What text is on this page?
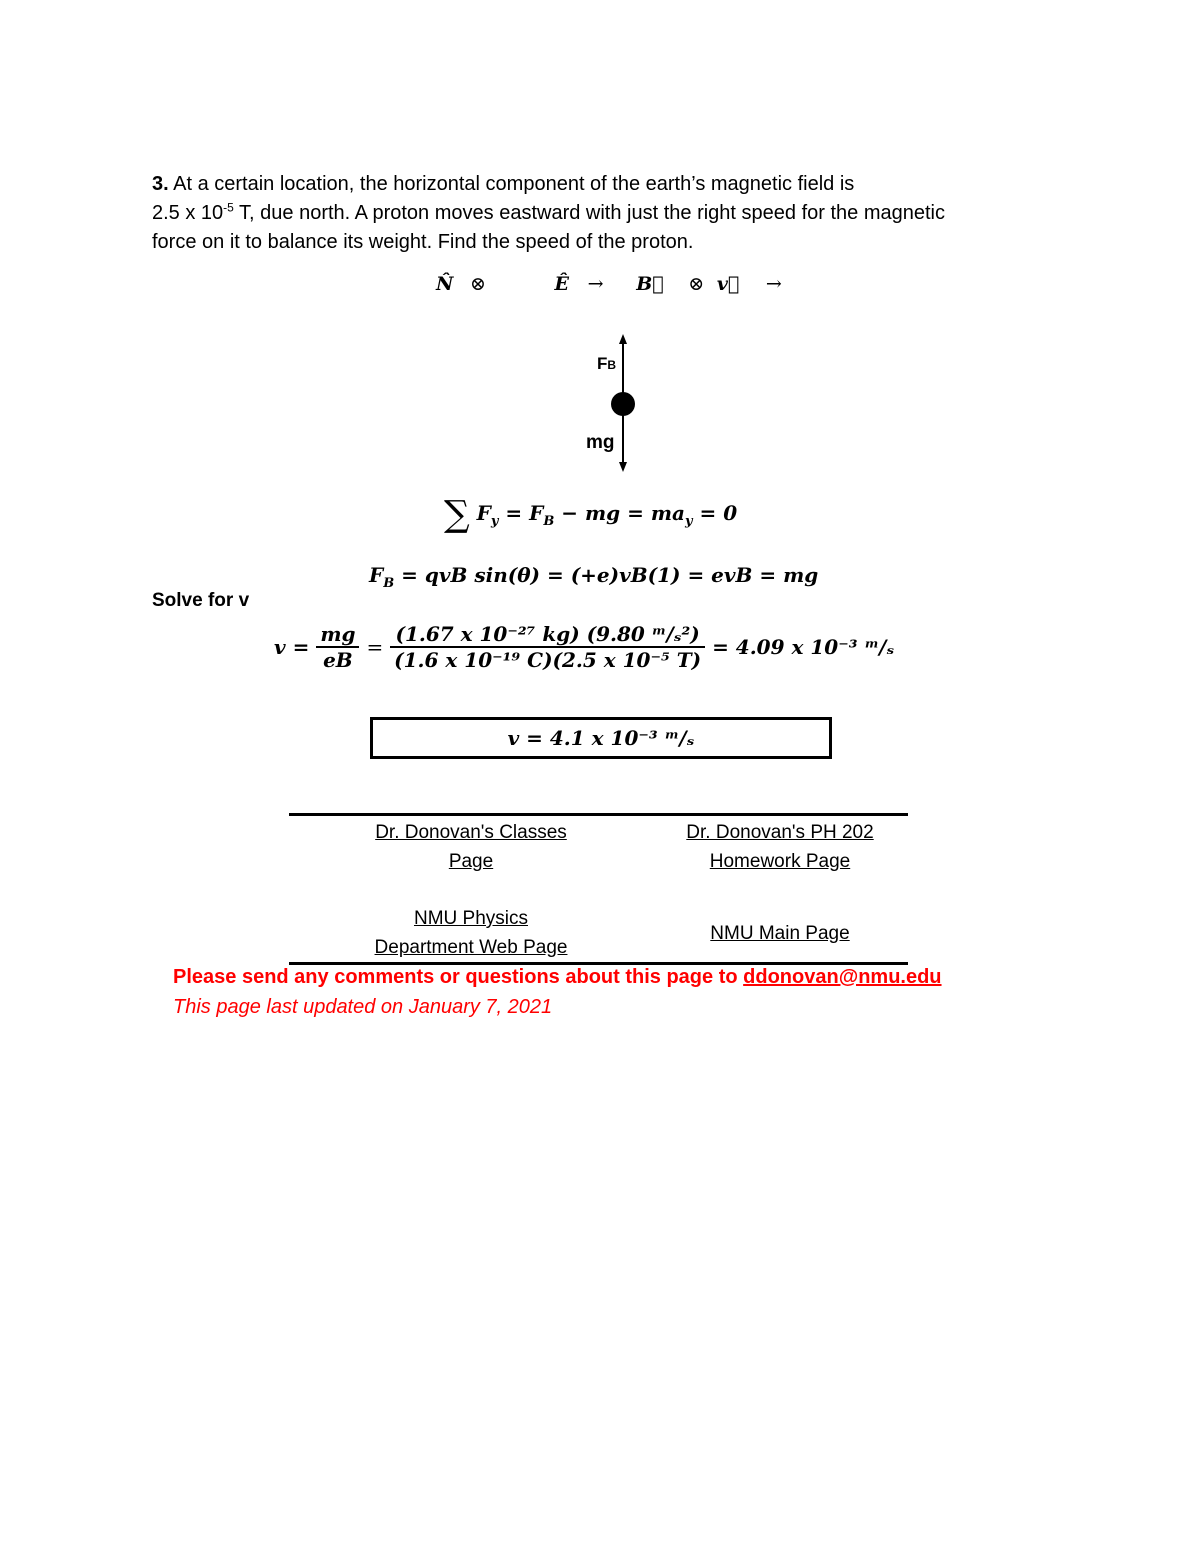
3. At a certain location, the horizontal component of the earth’s magnetic field is
2.5 x $10^{-5}$ T, due north. A proton moves eastward with just the right speed for the magnetic
force on it to balance its weight. Find the speed of the proton.
N̂ ⊗	Ê → B⃗ ⊗ v⃗ →
FB
mg
∑ $F_y = F_B$ − mg = $ma_y = 0$
$F_B$ = qvB sin(θ) = (+e)vB(1) = evB = mg
Solve for v
$v = \frac{mg}{eB} = \frac{\text{(1.67 x 10⁻²⁷ kg) (9.80 ᵐ/ₛ²)}}{\text{(1.6 x 10⁻¹⁹ C)(2.5 x 10⁻⁵ T)}} = 4.09$ x 10⁻³ ᵐ/ₛ
v = 4.1 x 10⁻³ ᵐ/ₛ
Dr. Donovan's Classes
Page
Dr. Donovan's PH 202
Homework Page
NMU Physics
Department Web Page
NMU Main Page
Please send any comments or questions about this page to ddonovan@nmu.edu
This page last updated on January 7, 2021
